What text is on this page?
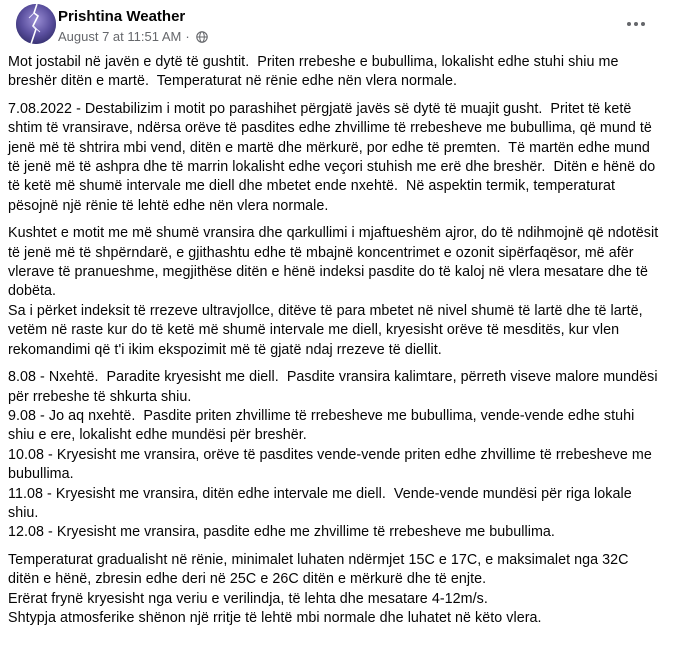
Prishtina Weather
August 7 at 11:51 AM ·

Mot jostabil në javën e dytë të gushtit.  Priten rrebeshe e bubullima, lokalisht edhe stuhi shiu me breshër ditën e martë.  Temperaturat në rënie edhe nën vlera normale.

7.08.2022 - Destabilizim i motit po parashihet përgjatë javës së dytë të muajit gusht.  Pritet të ketë shtim të vransirave, ndërsa orëve të pasdites edhe zhvillime të rrebesheve me bubullima, që mund të jenë më të shtrira mbi vend, ditën e martë dhe mërkurë, por edhe të premten.  Të martën edhe mund të jenë më të ashpra dhe të marrin lokalisht edhe veçori stuhish me erë dhe breshër.  Ditën e hënë do të ketë më shumë intervale me diell dhe mbetet ende nxehtë.  Në aspektin termik, temperaturat pësojnë një rënie të lehtë edhe nën vlera normale.

Kushtet e motit me më shumë vransira dhe qarkullimi i mjaftueshëm ajror, do të ndihmojnë që ndotësit të jenë më të shpërndarë, e gjithashtu edhe të mbajnë koncentrimet e ozonit sipërfaqësor, më afër vlerave të pranueshme, megjithëse ditën e hënë indeksi pasdite do të kaloj në vlera mesatare dhe të dobëta.
Sa i përket indeksit të rrezeve ultravjollce, ditëve të para mbetet në nivel shumë të lartë dhe të lartë,  vetëm në raste kur do të ketë më shumë intervale me diell, kryesisht orëve të mesditës, kur vlen  rekomandimi që t'i ikim ekspozimit më të gjatë ndaj rrezeve të diellit.

8.08 - Nxehtë.  Paradite kryesisht me diell.  Pasdite vransira kalimtare, përreth viseve malore mundësi për rrebeshe të shkurta shiu.
9.08 - Jo aq nxehtë.  Pasdite priten zhvillime të rrebesheve me bubullima, vende-vende edhe stuhi shiu e ere, lokalisht edhe mundësi për breshër.
10.08 - Kryesisht me vransira, orëve të pasdites vende-vende priten edhe zhvillime të rrebesheve me bubullima.
11.08 - Kryesisht me vransira, ditën edhe intervale me diell.  Vende-vende mundësi për riga lokale shiu.
12.08 - Kryesisht me vransira, pasdite edhe me zhvillime të rrebesheve me bubullima.

Temperaturat gradualisht në rënie, minimalet luhaten ndërmjet 15C e 17C, e maksimalet nga 32C ditën e hënë, zbresin edhe deri në 25C e 26C ditën e mërkurë dhe të enjte.
Erërat frynë kryesisht nga veriu e verilindja, të lehta dhe mesatare 4-12m/s.
Shtypja atmosferike shënon një rritje të lehtë mbi normale dhe luhatet në këto vlera.
